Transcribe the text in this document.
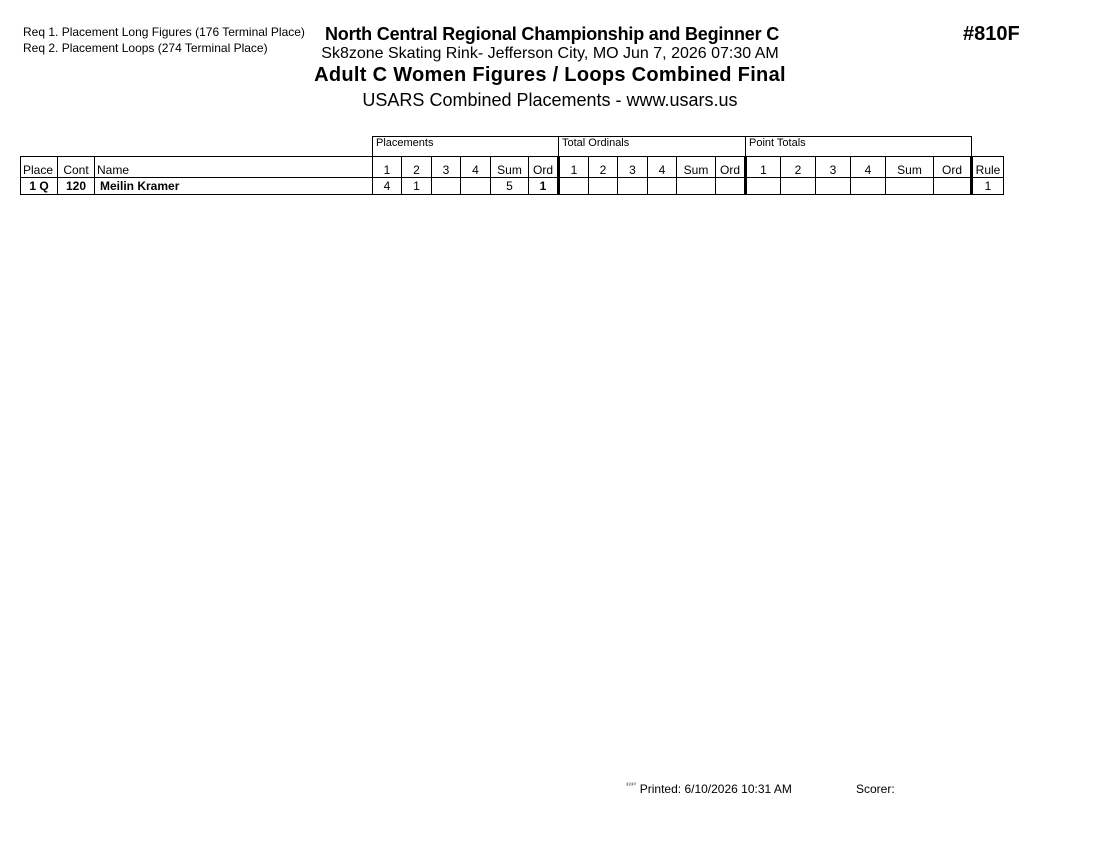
Req 1. Placement Long Figures (176 Terminal Place)
Req 2. Placement Loops (274 Terminal Place)
North Central Regional Championship and Beginner C
Sk8zone Skating Rink- Jefferson City, MO Jun 7, 2026 07:30 AM
Adult C Women Figures / Loops Combined Final
USARS Combined Placements - www.usars.us
#810F
			Placements						Total Ordinals						Point Totals						
Place	Cont	Name	1	2	3	4	Sum	Ord	1	2	3	4	Sum	Ord	1	2	3	4	Sum	Ord	Rule
1 Q	120	Meilin Kramer	4	1			5	1													1
$^{^{3330}}$ Printed: 6/10/2026 10:31 AM	Scorer:
